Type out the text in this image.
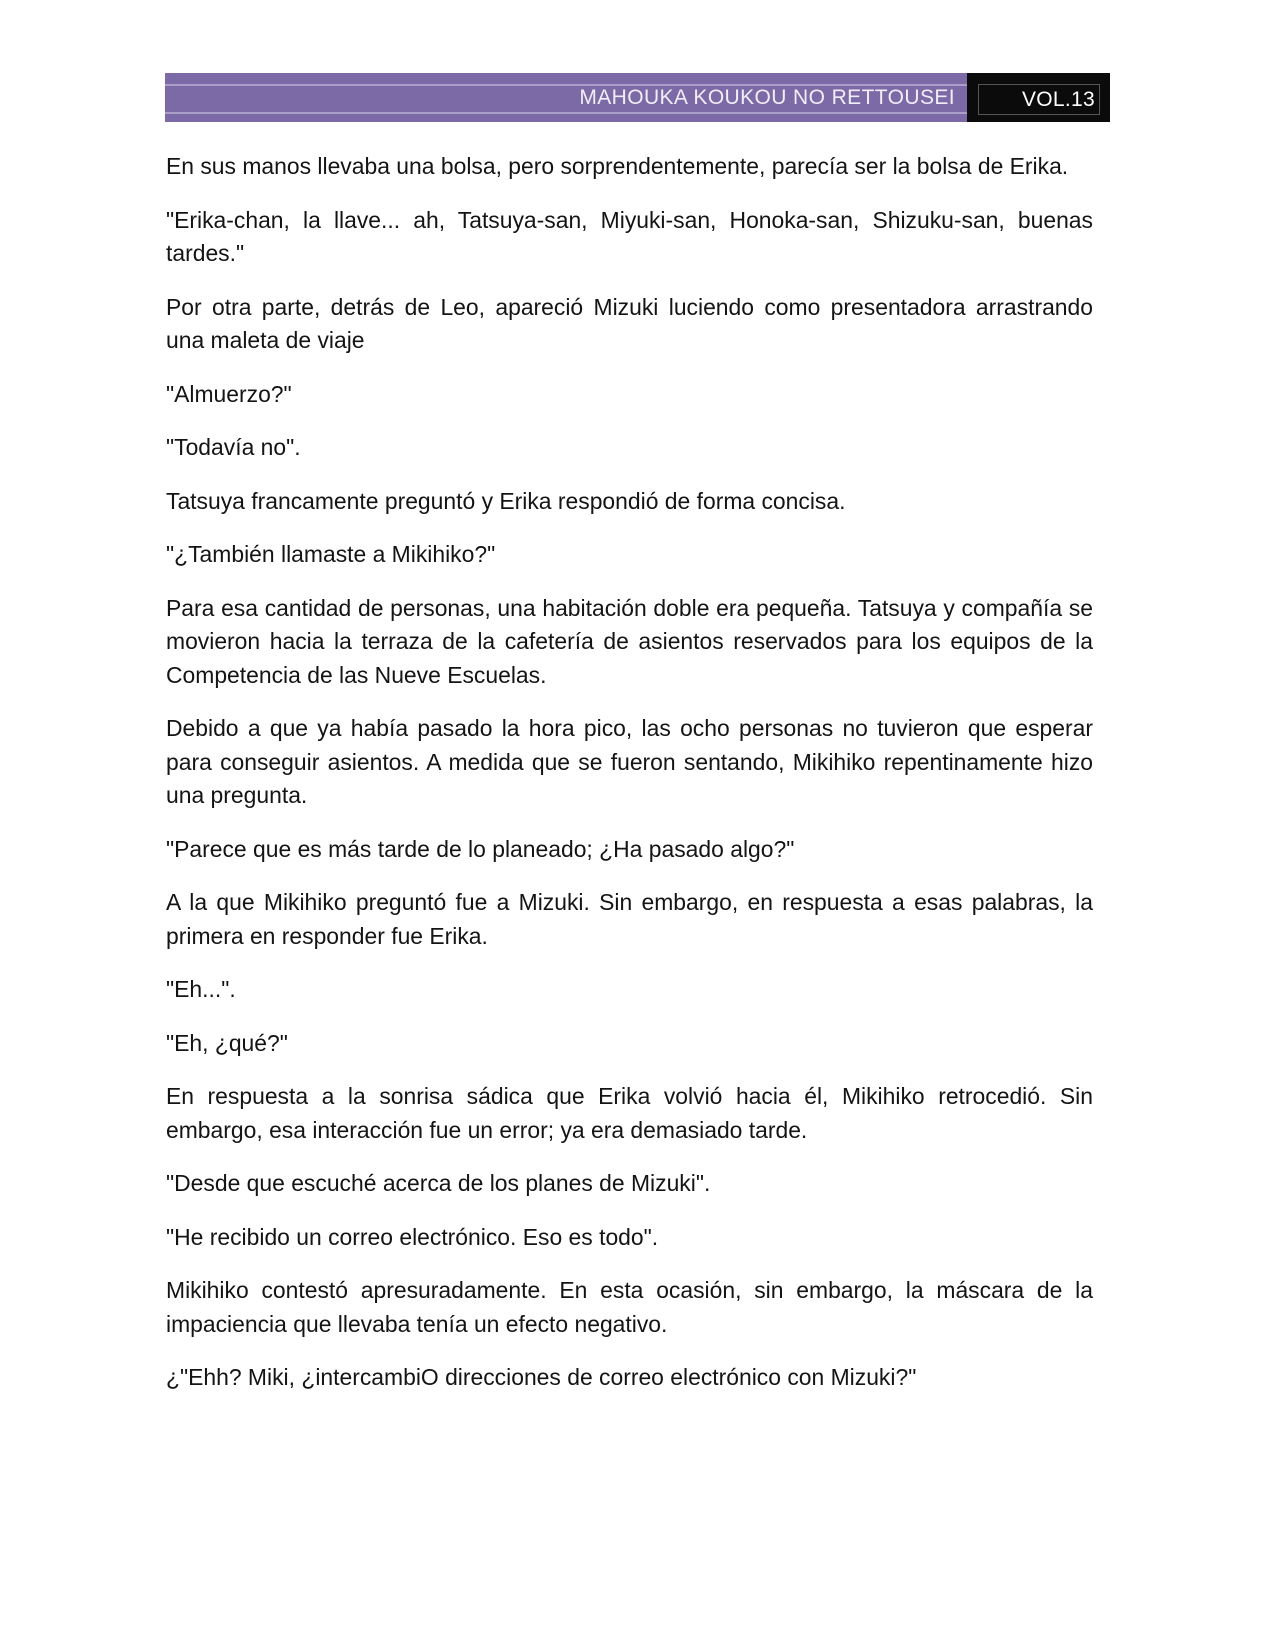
MAHOUKA KOUKOU NO RETTOUSEI	VOL.13

En sus manos llevaba una bolsa, pero sorprendentemente, parecía ser la bolsa de Erika.

"Erika-chan, la llave... ah, Tatsuya-san, Miyuki-san, Honoka-san, Shizuku-san, buenas tardes."

Por otra parte, detrás de Leo, apareció Mizuki luciendo como presentadora arrastrando una maleta de viaje

"Almuerzo?"

"Todavía no".

Tatsuya francamente preguntó y Erika respondió de forma concisa.

"¿También llamaste a Mikihiko?"

Para esa cantidad de personas, una habitación doble era pequeña. Tatsuya y compañía se movieron hacia la terraza de la cafetería de asientos reservados para los equipos de la Competencia de las Nueve Escuelas.

Debido a que ya había pasado la hora pico, las ocho personas no tuvieron que esperar para conseguir asientos. A medida que se fueron sentando, Mikihiko repentinamente hizo una pregunta.

"Parece que es más tarde de lo planeado; ¿Ha pasado algo?"

A la que Mikihiko preguntó fue a Mizuki. Sin embargo, en respuesta a esas palabras, la primera en responder fue Erika.

"Eh...".

"Eh, ¿qué?"

En respuesta a la sonrisa sádica que Erika volvió hacia él, Mikihiko retrocedió. Sin embargo, esa interacción fue un error; ya era demasiado tarde.

"Desde que escuché acerca de los planes de Mizuki".

"He recibido un correo electrónico. Eso es todo".

Mikihiko contestó apresuradamente. En esta ocasión, sin embargo, la máscara de la impaciencia que llevaba tenía un efecto negativo.

¿"Ehh? Miki, ¿intercambiO direcciones de correo electrónico con Mizuki?"
